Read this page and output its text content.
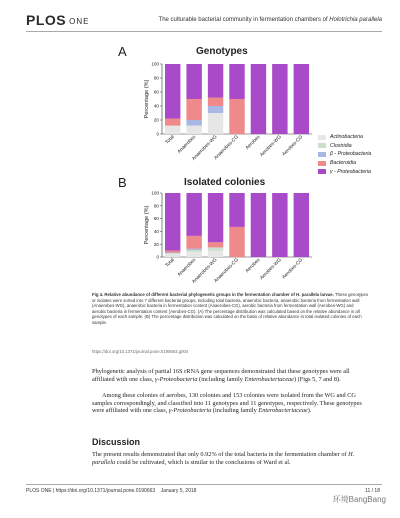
PLOS ONE	The culturable bacterial community in fermentation chambers of Holotrichia parallela
A	Genotypes
0
20
40
60
80
100
Percentage (%)
Total Anaerobes
Anaerobes-WG
Anaerobes-CG Aerobes
Aerobes-WG Aerobes-CG
B	Isolated colonies
0
20
40
60
80
100
Percentage (%)
Total Anaerobes
Anaerobes-WG
Anaerobes-CG Aerobes
Aerobes-WG Aerobes-CG
Actinobacteria
Clostridia
β - Proteobacteria
Bacteroidia
γ - Proteobacteria
Fig 4. Relative abundance of different bacterial phylogenetic groups in the fermentation chamber of H. parallela larvae. These genotypes or isolates were sorted into 7 different bacterial groups, including total bacteria, anaerobic bacteria, anaerobic bacteria from fermentation wall (Anaerobes-WG), anaerobic bacteria in fermentation content (Anaerobes-CG), aerobic bacteria from fermentation wall (Aerobes-WG) and aerobic bacteria in fermentation content (Aerobes-CG). (A) The percentage distribution was calculated based on the relative abundance in all genotypes of each sample. (B) The percentage distribution was calculated on the basis of relative abundance in total isolated colonies of each sample.
https://doi.org/10.1371/journal.pone.0190663.g004

Phylogenetic analysis of partial 16S rRNA gene sequences demonstrated that these genotypes were all affiliated with one class, γ-Proteobacteria (including family Enterobacteriaceae) (Figs 5, 7 and 8).

Among these colonies of aerobes, 130 colonies and 153 colonies were isolated from the WG and CG samples correspondingly, and classified into 11 genotypes and 11 genotypes, respectively. These genotypes were affiliated with one class, γ-Proteobacteria (including family Enterobacteriaceae).

Discussion

The present results demonstrated that only 0.92% of the total bacteria in the fermentation chamber of H. parallela could be cultivated, which is similar to the conclusions of Ward et al.

PLOS ONE | https://doi.org/10.1371/journal.pone.0190663 January 5, 2018	11 / 18
环境BangBang
